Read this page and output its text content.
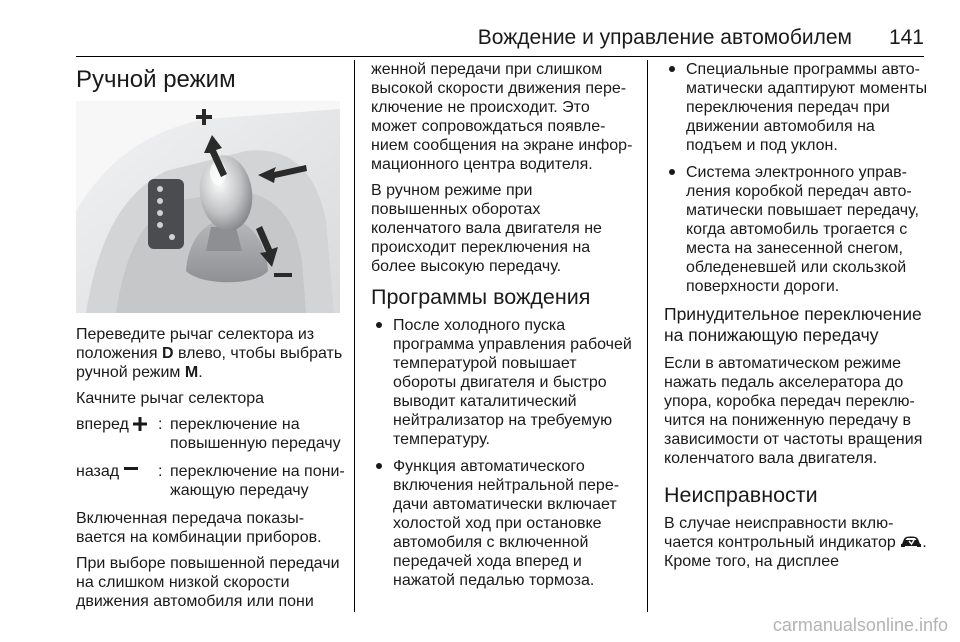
Вождение и управление автомобилем 141
Ручной режим

Переведите рычаг селектора из положения D влево, чтобы выбрать ручной режим M.

Качните рычаг селектора

вперед	: переключение на повышенную передачу
назад	: переключение на понижающую передачу

Включенная передача показывается на комбинации приборов.

При выборе повышенной передачи на слишком низкой скорости движения автомобиля или пони

женной передачи при слишком высокой скорости движения переключение не происходит. Это может сопровождаться появлением сообщения на экране информационного центра водителя.

В ручном режиме при повышенных оборотах коленчатого вала двигателя не происходит переключения на более высокую передачу.

Программы вождения
После холодного пуска программа управления рабочей температурой повышает обороты двигателя и быстро выводит каталитический нейтрализатор на требуемую температуру.
Функция автоматического включения нейтральной передачи автоматически включает холостой ход при остановке автомобиля с включенной передачей хода вперед и нажатой педалью тормоза.
Специальные программы автоматически адаптируют моменты переключения передач при движении автомобиля на подъем и под уклон.
Система электронного управления коробкой передач автоматически повышает передачу, когда автомобиль трогается с места на занесенной снегом, обледеневшей или скользкой поверхности дороги.
Принудительное переключение на понижающую передачу

Если в автоматическом режиме нажать педаль акселератора до упора, коробка передач переключится на пониженную передачу в зависимости от частоты вращения коленчатого вала двигателя.

Неисправности

В случае неисправности включается контрольный индикатор . Кроме того, на дисплее

carmanualsonline.info
